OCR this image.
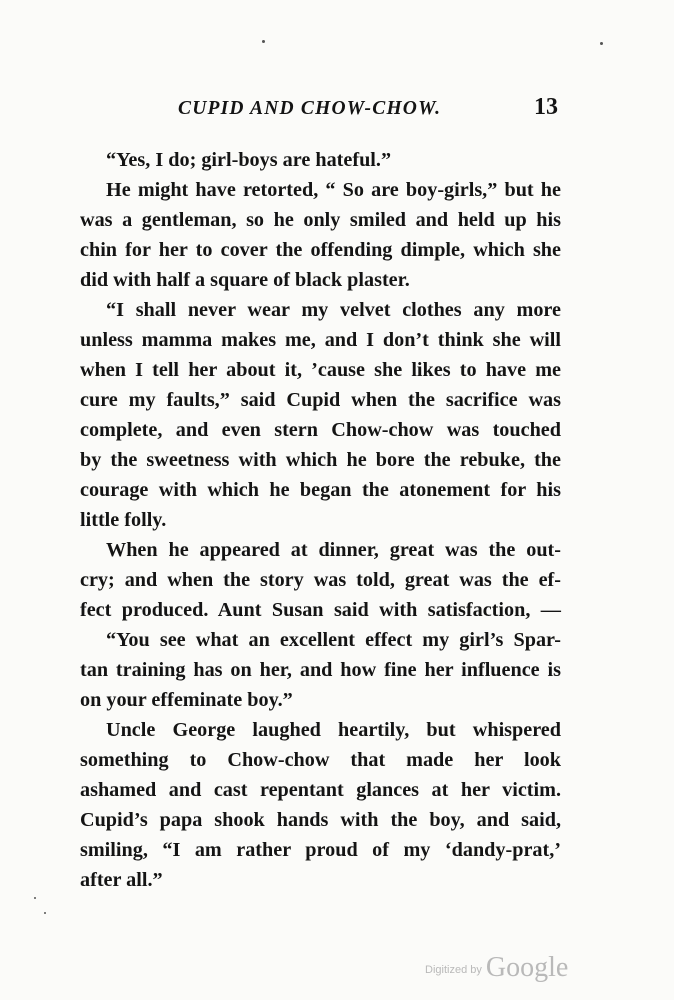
CUPID AND CHOW-CHOW.	13
“Yes, I do; girl-boys are hateful.”
He might have retorted, “ So are boy-girls,” but he
was a gentleman, so he only smiled and held up his
chin for her to cover the offending dimple, which she
did with half a square of black plaster.
“I shall never wear my velvet clothes any more
unless mamma makes me, and I don’t think she will
when I tell her about it, ’cause she likes to have me
cure my faults,” said Cupid when the sacrifice was
complete, and even stern Chow-chow was touched
by the sweetness with which he bore the rebuke, the
courage with which he began the atonement for his
little folly.
When he appeared at dinner, great was the out-
cry; and when the story was told, great was the ef-
fect produced. Aunt Susan said with satisfaction, —
“You see what an excellent effect my girl’s Spar-
tan training has on her, and how fine her influence is
on your effeminate boy.”
Uncle George laughed heartily, but whispered
something to Chow-chow that made her look
ashamed and cast repentant glances at her victim.
Cupid’s papa shook hands with the boy, and said,
smiling, “I am rather proud of my ‘dandy-prat,’
after all.”
Digitized by Google
